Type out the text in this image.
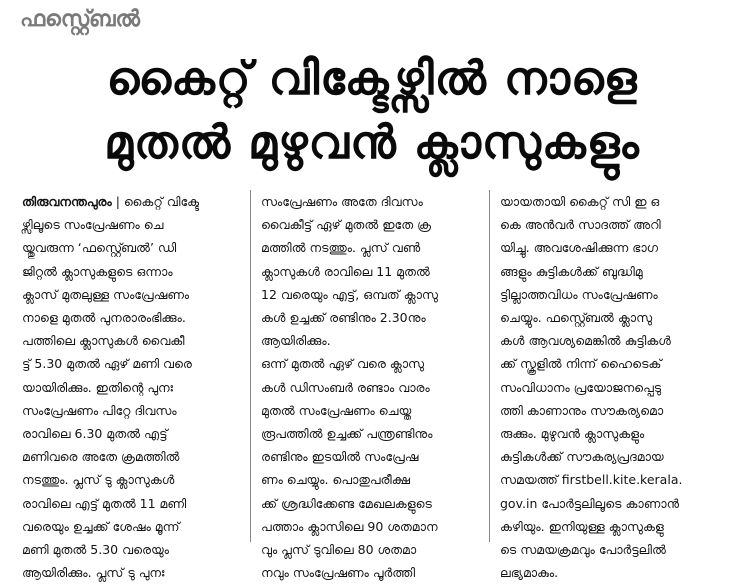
ഫസ്റ്റ്ബെൽ
കൈറ്റ് വിക്ടേഴ്സിൽ നാളെ
മുതൽ മുഴുവൻ ക്ലാസുകളും
തിരുവനന്തപുരം | കൈറ്റ് വിക്ടേ
ഴ്സിലൂടെ സംപ്രേഷണം ചെ
യ്തുവരുന്ന ‘ഫസ്റ്റ്ബെൽ’ ഡി
ജിറ്റൽ ക്ലാസുകളുടെ ഒന്നാം
ക്ലാസ് മുതലുള്ള സംപ്രേഷണം
നാളെ മുതൽ പുനരാരംഭിക്കും.
പത്തിലെ ക്ലാസുകൾ വൈകീ
ട്ട് 5.30 മുതൽ ഏഴ് മണി വരെ
യായിരിക്കും. ഇതിന്റെ പുനഃ
സംപ്രേഷണം പിറ്റേ ദിവസം
രാവിലെ 6.30 മുതൽ എട്ട്
മണിവരെ അതേ ക്രമത്തിൽ
നടത്തും. പ്ലസ് ടു ക്ലാസുകൾ
രാവിലെ എട്ട് മുതൽ 11 മണി
വരെയും ഉച്ചക്ക് ശേഷം മൂന്ന്
മണി മുതൽ 5.30 വരെയും
ആയിരിക്കും. പ്ലസ് ടു പുനഃ
സംപ്രേഷണം അതേ ദിവസം
വൈകീട്ട് ഏഴ് മുതൽ ഇതേ ക്ര
മത്തിൽ നടത്തും. പ്ലസ് വൺ
ക്ലാസുകൾ രാവിലെ 11 മുതൽ
12 വരെയും എട്ട്, ഒമ്പത് ക്ലാസു
കൾ ഉച്ചക്ക് രണ്ടിനും 2.30നും
ആയിരിക്കും.
ഒന്ന് മുതൽ ഏഴ് വരെ ക്ലാസു
കൾ ഡിസംബർ രണ്ടാം വാരം
മുതൽ സംപ്രേഷണം ചെയ്ത
രൂപത്തിൽ ഉച്ചക്ക് പന്ത്രണ്ടിനും
രണ്ടിനും ഇടയിൽ സംപ്രേഷ
ണം ചെയ്യും. പൊതുപരീക്ഷ
ക്ക് ശ്രദ്ധിക്കേണ്ട മേഖലകളുടെ
പത്താം ക്ലാസിലെ 90 ശതമാന
വും പ്ലസ് ടുവിലെ 80 ശതമാ
നവും സംപ്രേഷണം പൂർത്തി
യായതായി കൈറ്റ് സി ഇ ഒ
കെ അൻവർ സാദത്ത് അറി
യിച്ചു. അവശേഷിക്കുന്ന ഭാഗ
ങ്ങളും കുട്ടികൾക്ക് ബുദ്ധിമു
ട്ടില്ലാത്തവിധം സംപ്രേഷണം
ചെയ്യും. ഫസ്റ്റ്ബെൽ ക്ലാസു
കൾ ആവശ്യമെങ്കിൽ കുട്ടികൾ
ക്ക് സ്കൂളിൽ നിന്ന് ഹൈടെക്
സംവിധാനം പ്രയോജനപ്പെടു
ത്തി കാണാനും സൗകര്യമൊ
രുക്കും. മുഴുവൻ ക്ലാസുകളും
കുട്ടികൾക്ക് സൗകര്യപ്രദമായ
സമയത്ത് firstbell.kite.kerala.
gov.in പോർട്ടലിലൂടെ കാണാൻ
കഴിയും. ഇനിയുള്ള ക്ലാസുകളു
ടെ സമയക്രമവും പോർട്ടലിൽ
ലഭ്യമാകും.
